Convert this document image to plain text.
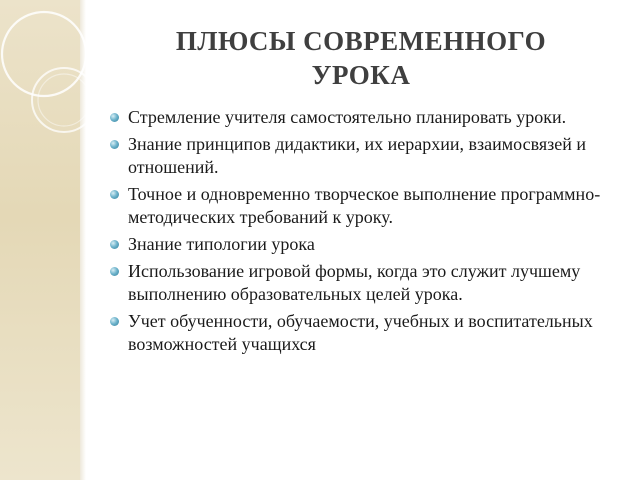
ПЛЮСЫ СОВРЕМЕННОГО
УРОКА
Стремление учителя самостоятельно планировать уроки.
Знание принципов дидактики, их иерархии, взаимосвязей и отношений.
Точное и одновременно творческое выполнение программно-методических требований к уроку.
Знание типологии урока
Использование игровой формы, когда это служит лучшему выполнению образовательных целей урока.
Учет обученности, обучаемости, учебных и воспитательных возможностей учащихся
